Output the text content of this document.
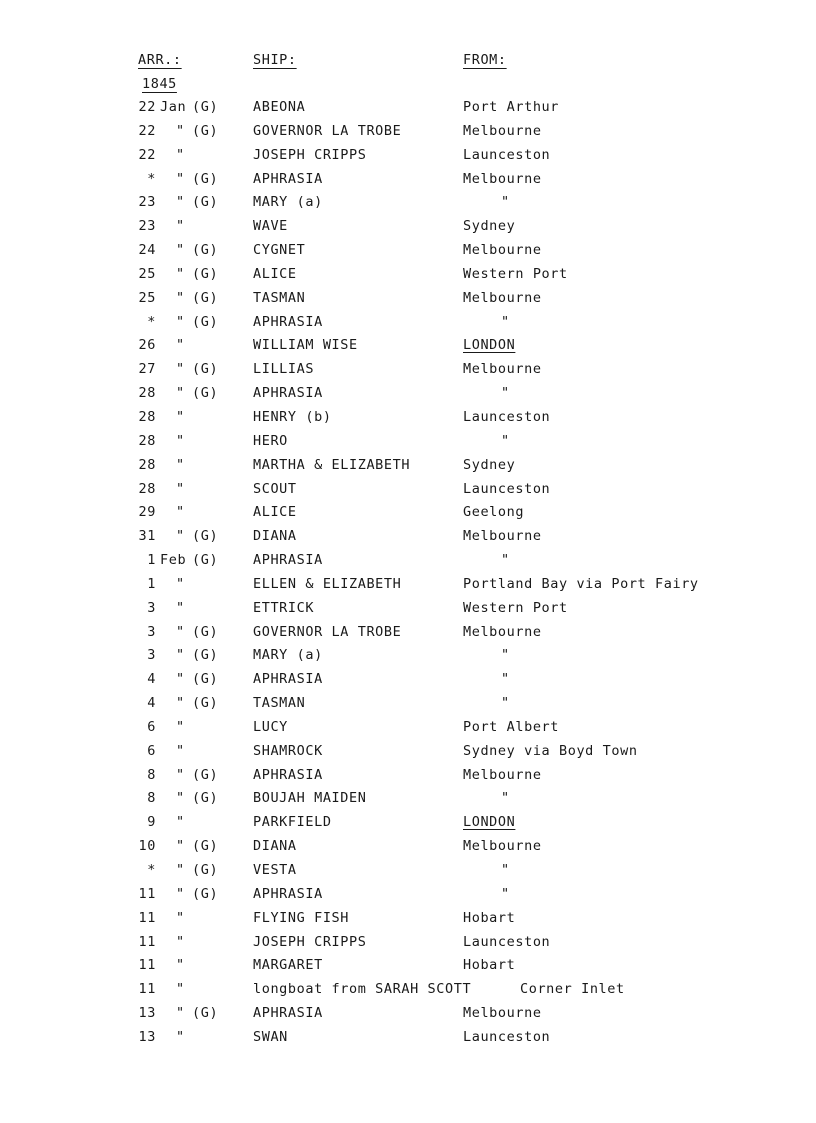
ARR.:	SHIP:	FROM:
1845
22 Jan (G)	ABEONA	Port Arthur
22	" (G)	GOVERNOR LA TROBE	Melbourne
22	"	JOSEPH CRIPPS	Launceston
*	" (G)	APHRASIA	Melbourne
23	" (G)	MARY (a)	"
23	"	WAVE	Sydney
24	" (G)	CYGNET	Melbourne
25	" (G)	ALICE	Western Port
25	" (G)	TASMAN	Melbourne
*	" (G)	APHRASIA	"
26	"	WILLIAM WISE	LONDON
27	" (G)	LILLIAS	Melbourne
28	" (G)	APHRASIA	"
28	"	HENRY (b)	Launceston
28	"	HERO	"
28	"	MARTHA & ELIZABETH	Sydney
28	"	SCOUT	Launceston
29	"	ALICE	Geelong
31	" (G)	DIANA	Melbourne
1 Feb (G)	APHRASIA	"
1	"	ELLEN & ELIZABETH	Portland Bay via Port Fairy
3	"	ETTRICK	Western Port
3	" (G)	GOVERNOR LA TROBE	Melbourne
3	" (G)	MARY (a)	"
4	" (G)	APHRASIA	"
4	" (G)	TASMAN	"
6	"	LUCY	Port Albert
6	"	SHAMROCK	Sydney via Boyd Town
8	" (G)	APHRASIA	Melbourne
8	" (G)	BOUJAH MAIDEN	"
9	"	PARKFIELD	LONDON
10	" (G)	DIANA	Melbourne
*	" (G)	VESTA	"
11	" (G)	APHRASIA	"
11	"	FLYING FISH	Hobart
11	"	JOSEPH CRIPPS	Launceston
11	"	MARGARET	Hobart
11	"	longboat from SARAH SCOTT	Corner Inlet
13	" (G)	APHRASIA	Melbourne
13	"	SWAN	Launceston
